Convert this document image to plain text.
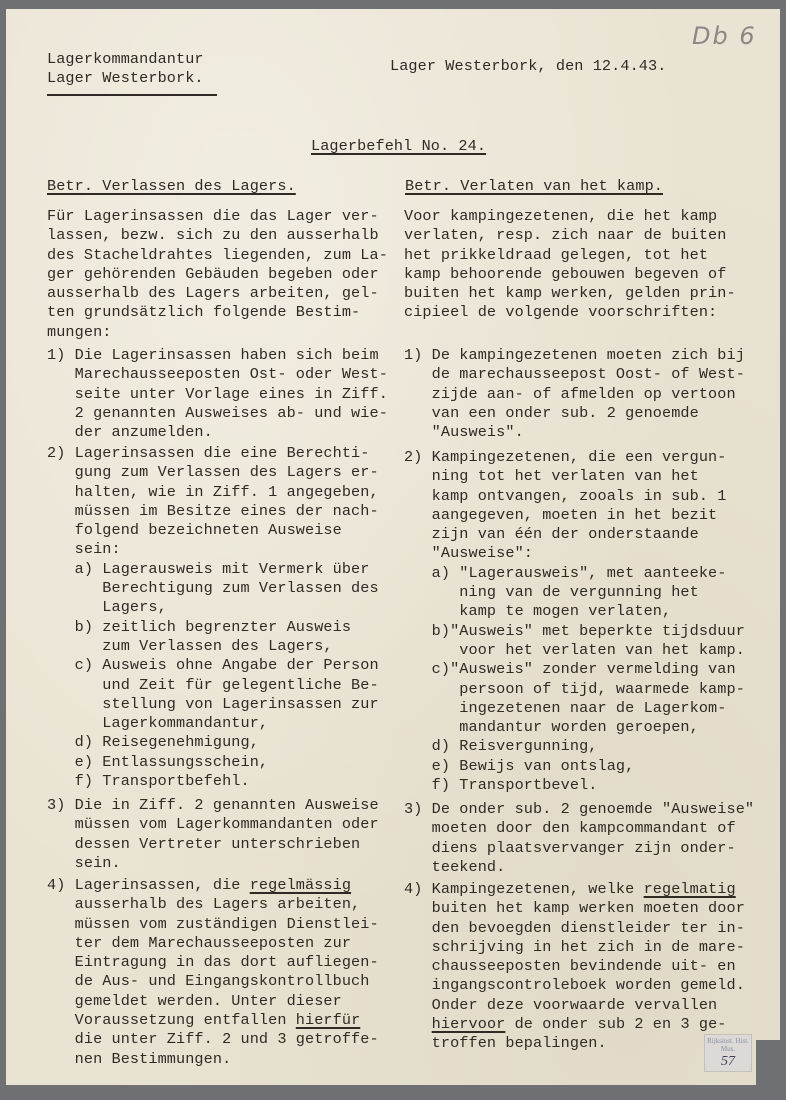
Lagerkommandantur
Lager Westerbork.
Lager Westerbork, den 12.4.43.
Db 6
Lagerbefehl No. 24.
Betr. Verlassen des Lagers.
Für Lagerinsassen die das Lager ver-
lassen, bezw. sich zu den ausserhalb
des Stacheldrahtes liegenden, zum La-
ger gehörenden Gebäuden begeben oder
ausserhalb des Lagers arbeiten, gel-
ten grundsätzlich folgende Bestim-
mungen:
1) Die Lagerinsassen haben sich beim
Marechausseeposten Ost- oder West-
seite unter Vorlage eines in Ziff.
2 genannten Ausweises ab- und wie-
der anzumelden.
2) Lagerinsassen die eine Berechti-
gung zum Verlassen des Lagers er-
halten, wie in Ziff. 1 angegeben,
müssen im Besitze eines der nach-
folgend bezeichneten Ausweise
sein:
a) Lagerausweis mit Vermerk über
Berechtigung zum Verlassen des
Lagers,
b) zeitlich begrenzter Ausweis
zum Verlassen des Lagers,
c) Ausweis ohne Angabe der Person
und Zeit für gelegentliche Be-
stellung von Lagerinsassen zur
Lagerkommandantur,
d) Reisegenehmigung,
e) Entlassungsschein,
f) Transportbefehl.
3) Die in Ziff. 2 genannten Ausweise
müssen vom Lagerkommandanten oder
dessen Vertreter unterschrieben
sein.
4) Lagerinsassen, die regelmässig
ausserhalb des Lagers arbeiten,
müssen vom zuständigen Dienstlei-
ter dem Marechausseeposten zur
Eintragung in das dort aufliegen-
de Aus- und Eingangskontrollbuch
gemeldet werden. Unter dieser
Voraussetzung entfallen hierfür
die unter Ziff. 2 und 3 getroffe-
nen Bestimmungen.
Betr. Verlaten van het kamp.
Voor kampingezetenen, die het kamp
verlaten, resp. zich naar de buiten
het prikkeldraad gelegen, tot het
kamp behoorende gebouwen begeven of
buiten het kamp werken, gelden prin-
cipieel de volgende voorschriften:
1) De kampingezetenen moeten zich bij
de marechausseepost Oost- of West-
zijde aan- of afmelden op vertoon
van een onder sub. 2 genoemde
"Ausweis".
2) Kampingezetenen, die een vergun-
ning tot het verlaten van het
kamp ontvangen, zooals in sub. 1
aangegeven, moeten in het bezit
zijn van één der onderstaande
"Ausweise":
a) "Lagerausweis", met aanteeke-
ning van de vergunning het
kamp te mogen verlaten,
b)"Ausweis" met beperkte tijdsduur
voor het verlaten van het kamp.
c)"Ausweis" zonder vermelding van
persoon of tijd, waarmede kamp-
ingezetenen naar de Lagerkom-
mandantur worden geroepen,
d) Reisvergunning,
e) Bewijs van ontslag,
f) Transportbevel.
3) De onder sub. 2 genoemde "Ausweise"
moeten door den kampcommandant of
diens plaatsvervanger zijn onder-
teekend.
4) Kampingezetenen, welke regelmatig
buiten het kamp werken moeten door
den bevoegden dienstleider ter in-
schrijving in het zich in de mare-
chausseeposten bevindende uit- en
ingangscontroleboek worden gemeld.
Onder deze voorwaarde vervallen
hiervoor de onder sub 2 en 3 ge-
troffen bepalingen.	Rijksinst. Hist. Mus.
57
